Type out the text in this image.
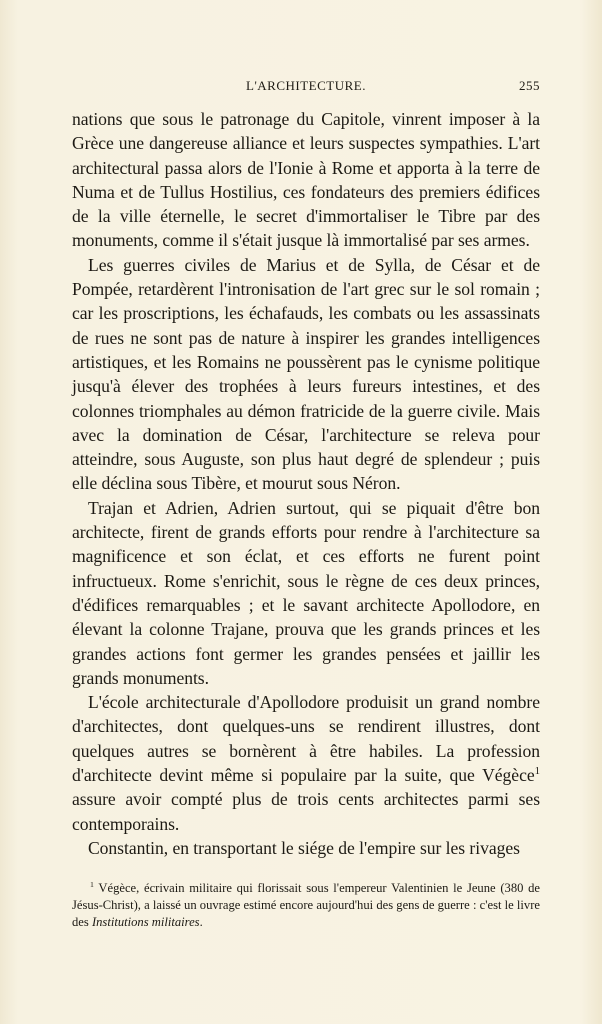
L'ARCHITECTURE.	255

nations que sous le patronage du Capitole, vinrent imposer à la Grèce une dangereuse alliance et leurs suspectes sympathies. L'art architectural passa alors de l'Ionie à Rome et apporta à la terre de Numa et de Tullus Hostilius, ces fondateurs des premiers édifices de la ville éternelle, le secret d'immortaliser le Tibre par des monuments, comme il s'était jusque là immortalisé par ses armes.

Les guerres civiles de Marius et de Sylla, de César et de Pompée, retardèrent l'intronisation de l'art grec sur le sol romain ; car les proscriptions, les échafauds, les combats ou les assassinats de rues ne sont pas de nature à inspirer les grandes intelligences artistiques, et les Romains ne poussèrent pas le cynisme politique jusqu'à élever des trophées à leurs fureurs intestines, et des colonnes triomphales au démon fratricide de la guerre civile. Mais avec la domination de César, l'architecture se releva pour atteindre, sous Auguste, son plus haut degré de splendeur ; puis elle déclina sous Tibère, et mourut sous Néron.

Trajan et Adrien, Adrien surtout, qui se piquait d'être bon architecte, firent de grands efforts pour rendre à l'architecture sa magnificence et son éclat, et ces efforts ne furent point infructueux. Rome s'enrichit, sous le règne de ces deux princes, d'édifices remarquables ; et le savant architecte Apollodore, en élevant la colonne Trajane, prouva que les grands princes et les grandes actions font germer les grandes pensées et jaillir les grands monuments.

L'école architecturale d'Apollodore produisit un grand nombre d'architectes, dont quelques-uns se rendirent illustres, dont quelques autres se bornèrent à être habiles. La profession d'architecte devint même si populaire par la suite, que Végèce$^1$ assure avoir compté plus de trois cents architectes parmi ses contemporains.

Constantin, en transportant le siége de l'empire sur les rivages

$^1$ Végèce, écrivain militaire qui florissait sous l'empereur Valentinien le Jeune (380 de Jésus-Christ), a laissé un ouvrage estimé encore aujourd'hui des gens de guerre : c'est le livre des Institutions militaires.
